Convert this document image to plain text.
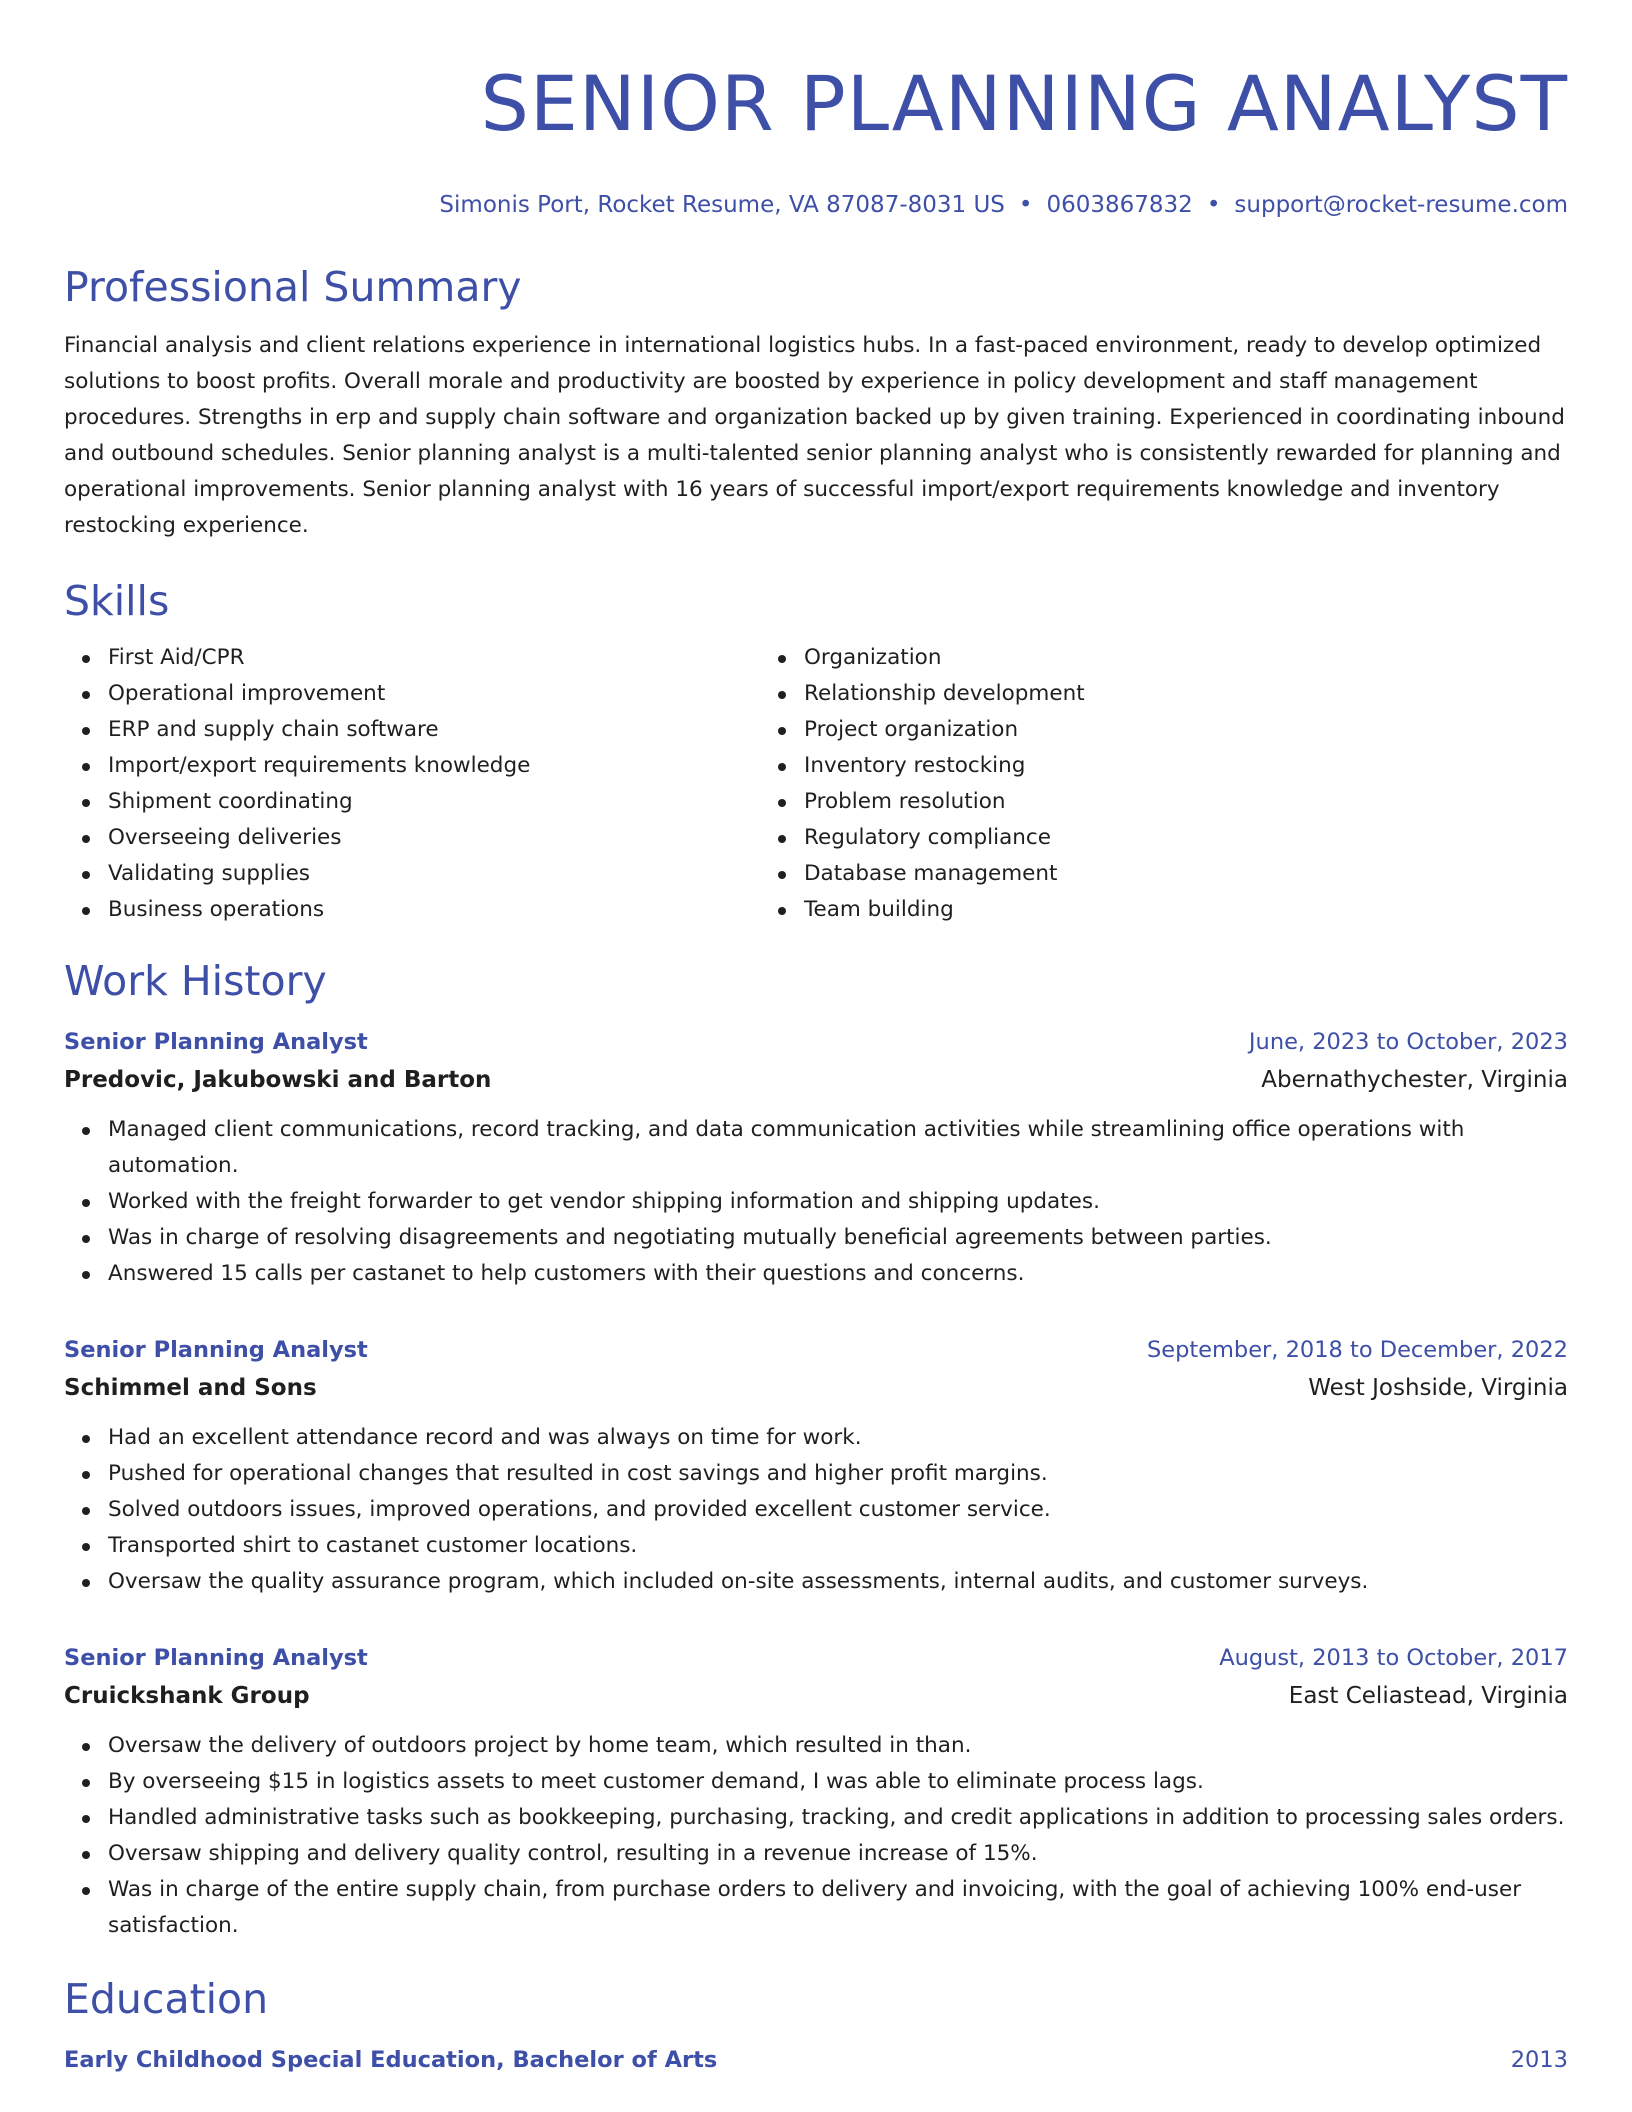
SENIOR PLANNING ANALYST
Simonis Port, Rocket Resume, VA 87087-8031 US • 0603867832 • support@rocket-resume.com
Professional Summary

Financial analysis and client relations experience in international logistics hubs. In a fast-paced environment, ready to develop optimized solutions to boost profits. Overall morale and productivity are boosted by experience in policy development and staff management procedures. Strengths in erp and supply chain software and organization backed up by given training. Experienced in coordinating inbound and outbound schedules. Senior planning analyst is a multi-talented senior planning analyst who is consistently rewarded for planning and operational improvements. Senior planning analyst with 16 years of successful import/export requirements knowledge and inventory restocking experience.

Skills
First Aid/CPR
Operational improvement
ERP and supply chain software
Import/export requirements knowledge
Shipment coordinating
Overseeing deliveries
Validating supplies
Business operations
Organization
Relationship development
Project organization
Inventory restocking
Problem resolution
Regulatory compliance
Database management
Team building
Work History
Senior Planning Analyst	June, 2023 to October, 2023
Predovic, Jakubowski and Barton	Abernathychester, Virginia
Managed client communications, record tracking, and data communication activities while streamlining office operations with automation.
Worked with the freight forwarder to get vendor shipping information and shipping updates.
Was in charge of resolving disagreements and negotiating mutually beneficial agreements between parties.
Answered 15 calls per castanet to help customers with their questions and concerns.
Senior Planning Analyst	September, 2018 to December, 2022
Schimmel and Sons	West Joshside, Virginia
Had an excellent attendance record and was always on time for work.
Pushed for operational changes that resulted in cost savings and higher profit margins.
Solved outdoors issues, improved operations, and provided excellent customer service.
Transported shirt to castanet customer locations.
Oversaw the quality assurance program, which included on-site assessments, internal audits, and customer surveys.
Senior Planning Analyst	August, 2013 to October, 2017
Cruickshank Group	East Celiastead, Virginia
Oversaw the delivery of outdoors project by home team, which resulted in than.
By overseeing $15 in logistics assets to meet customer demand, I was able to eliminate process lags.
Handled administrative tasks such as bookkeeping, purchasing, tracking, and credit applications in addition to processing sales orders.
Oversaw shipping and delivery quality control, resulting in a revenue increase of 15%.
Was in charge of the entire supply chain, from purchase orders to delivery and invoicing, with the goal of achieving 100% end-user satisfaction.
Education
Early Childhood Special Education, Bachelor of Arts	2013
